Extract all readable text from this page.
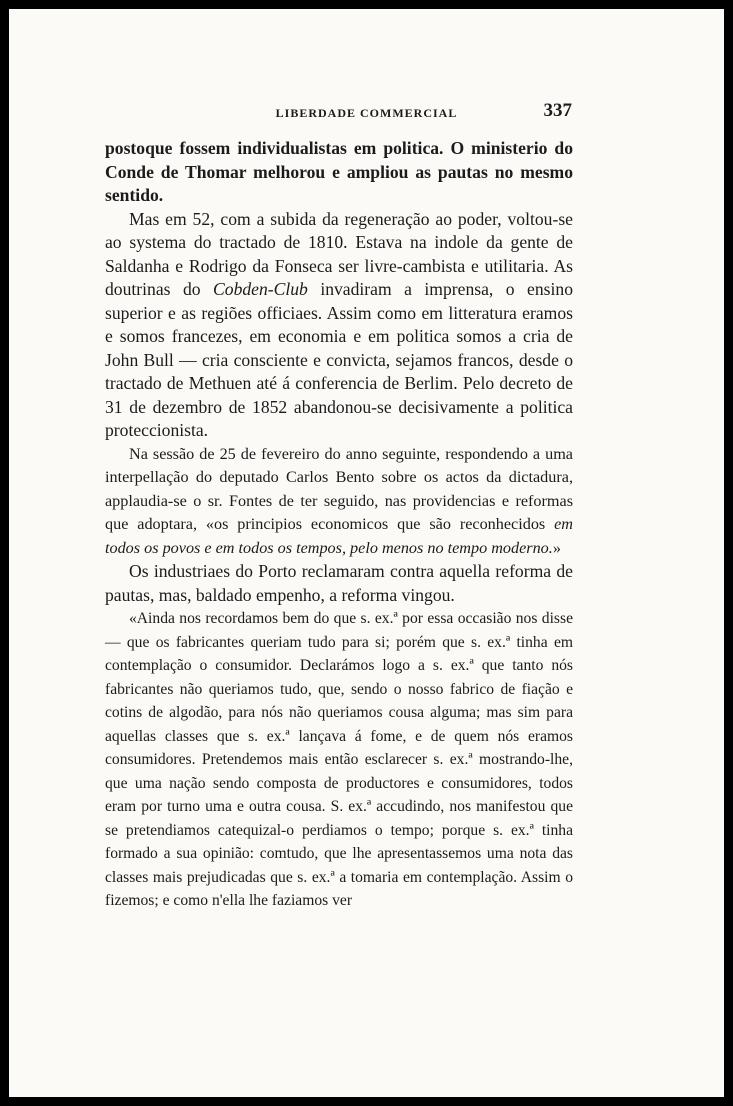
LIBERDADE COMMERCIAL	337

postoque fossem individualistas em politica. O ministerio do Conde de Thomar melhorou e ampliou as pautas no mesmo sentido.

Mas em 52, com a subida da regeneração ao poder, voltou-se ao systema do tractado de 1810. Estava na indole da gente de Saldanha e Rodrigo da Fonseca ser livre-cambista e utilitaria. As doutrinas do Cobden-Club invadiram a imprensa, o ensino superior e as regiões officiaes. Assim como em litteratura eramos e somos francezes, em economia e em politica somos a cria de John Bull — cria consciente e convicta, sejamos francos, desde o tractado de Methuen até á conferencia de Berlim. Pelo decreto de 31 de dezembro de 1852 abandonou-se decisivamente a politica proteccionista.

Na sessão de 25 de fevereiro do anno seguinte, respondendo a uma interpellação do deputado Carlos Bento sobre os actos da dictadura, applaudia-se o sr. Fontes de ter seguido, nas providencias e reformas que adoptara, «os principios economicos que são reconhecidos em todos os povos e em todos os tempos, pelo menos no tempo moderno.»

Os industriaes do Porto reclamaram contra aquella reforma de pautas, mas, baldado empenho, a reforma vingou.

«Ainda nos recordamos bem do que s. ex.ª por essa occasião nos disse — que os fabricantes queriam tudo para si; porém que s. ex.ª tinha em contemplação o consumidor. Declarámos logo a s. ex.ª que tanto nós fabricantes não queriamos tudo, que, sendo o nosso fabrico de fiação e cotins de algodão, para nós não queriamos cousa alguma; mas sim para aquellas classes que s. ex.ª lançava á fome, e de quem nós eramos consumidores. Pretendemos mais então esclarecer s. ex.ª mostrando-lhe, que uma nação sendo composta de productores e consumidores, todos eram por turno uma e outra cousa. S. ex.ª accudindo, nos manifestou que se pretendiamos catequizal-o perdiamos o tempo; porque s. ex.ª tinha formado a sua opinião: comtudo, que lhe apresentassemos uma nota das classes mais prejudicadas que s. ex.ª a tomaria em contemplação. Assim o fizemos; e como n'ella lhe faziamos ver
